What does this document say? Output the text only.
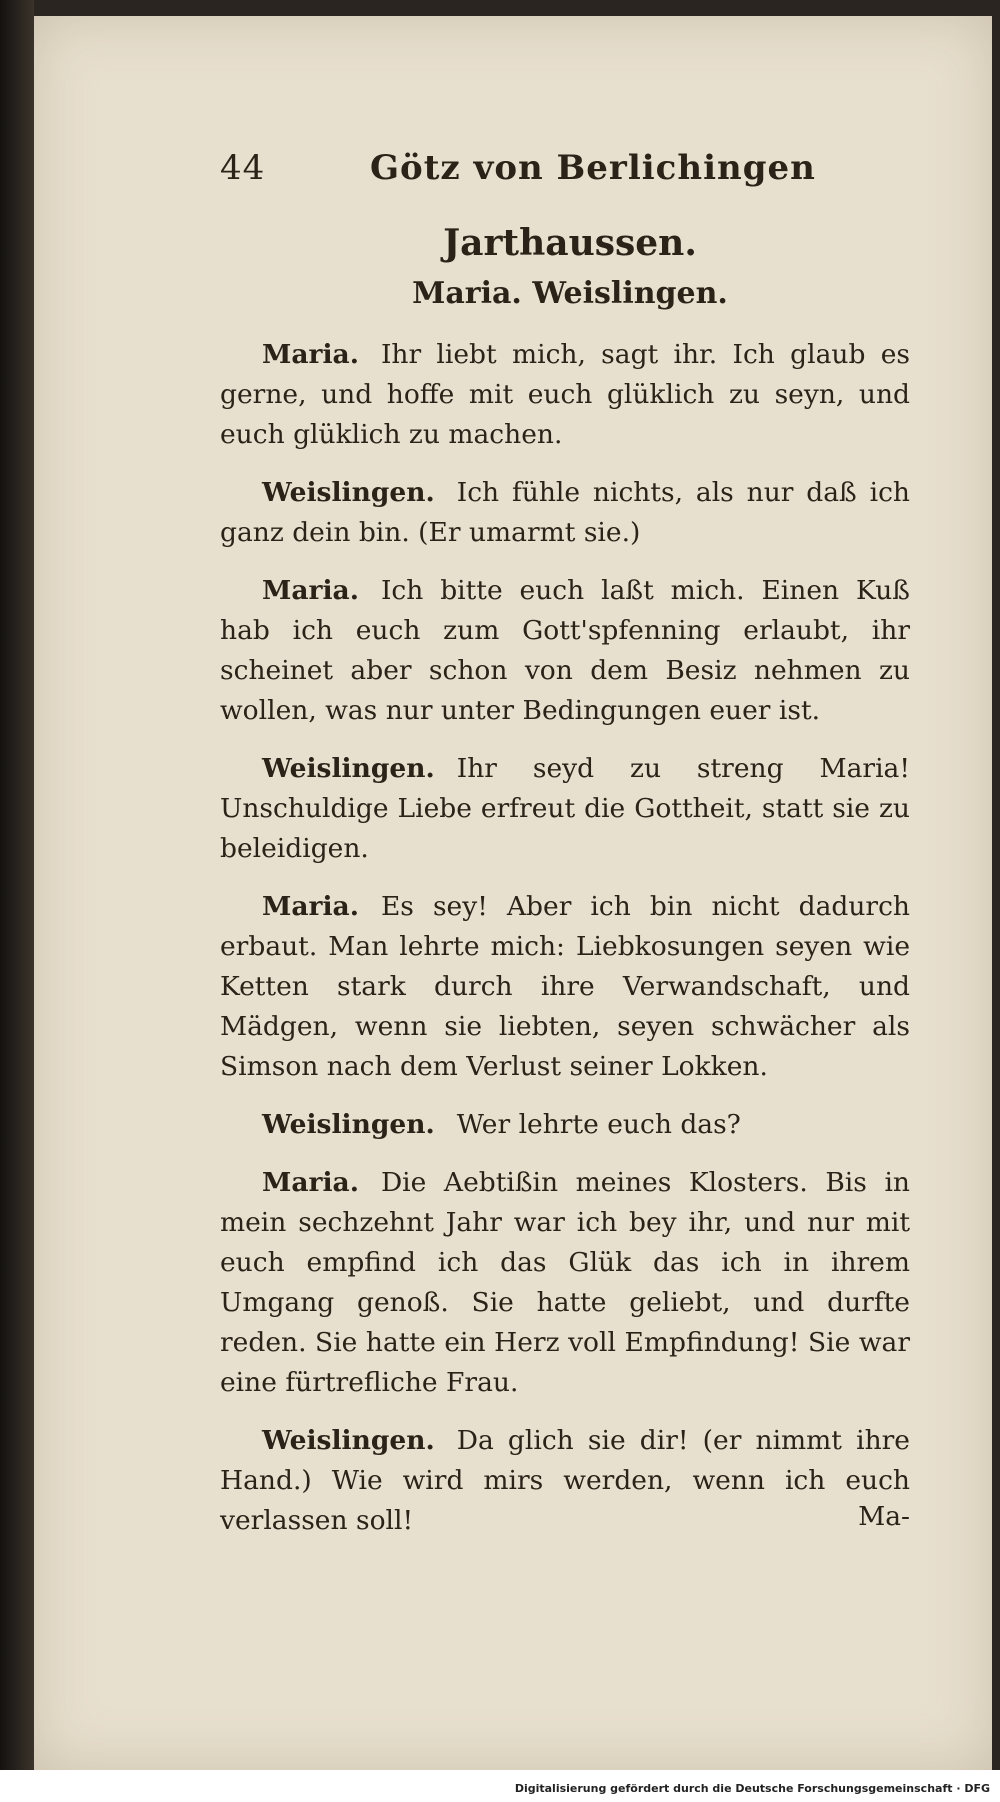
44	Götz von Berlichingen
Jarthaussen.
Maria. Weislingen.

Maria. Ihr liebt mich, sagt ihr. Ich glaub es gerne, und hoffe mit euch glüklich zu seyn, und euch glüklich zu machen.

Weislingen. Ich fühle nichts, als nur daß ich ganz dein bin. (Er umarmt sie.)

Maria. Ich bitte euch laßt mich. Einen Kuß hab ich euch zum Gott'spfenning erlaubt, ihr scheinet aber schon von dem Besiz nehmen zu wollen, was nur unter Bedingungen euer ist.

Weislingen. Ihr seyd zu streng Maria! Unschuldige Liebe erfreut die Gottheit, statt sie zu beleidigen.

Maria. Es sey! Aber ich bin nicht dadurch erbaut. Man lehrte mich: Liebkosungen seyen wie Ketten stark durch ihre Verwandschaft, und Mädgen, wenn sie liebten, seyen schwächer als Simson nach dem Verlust seiner Lokken.

Weislingen. Wer lehrte euch das?

Maria. Die Aebtißin meines Klosters. Bis in mein sechzehnt Jahr war ich bey ihr, und nur mit euch empfind ich das Glük das ich in ihrem Umgang genoß. Sie hatte geliebt, und durfte reden. Sie hatte ein Herz voll Empfindung! Sie war eine fürtrefliche Frau.

Weislingen. Da glich sie dir! (er nimmt ihre Hand.) Wie wird mirs werden, wenn ich euch verlassen soll!	Ma-
Digitalisierung gefördert durch die Deutsche Forschungsgemeinschaft · DFG
